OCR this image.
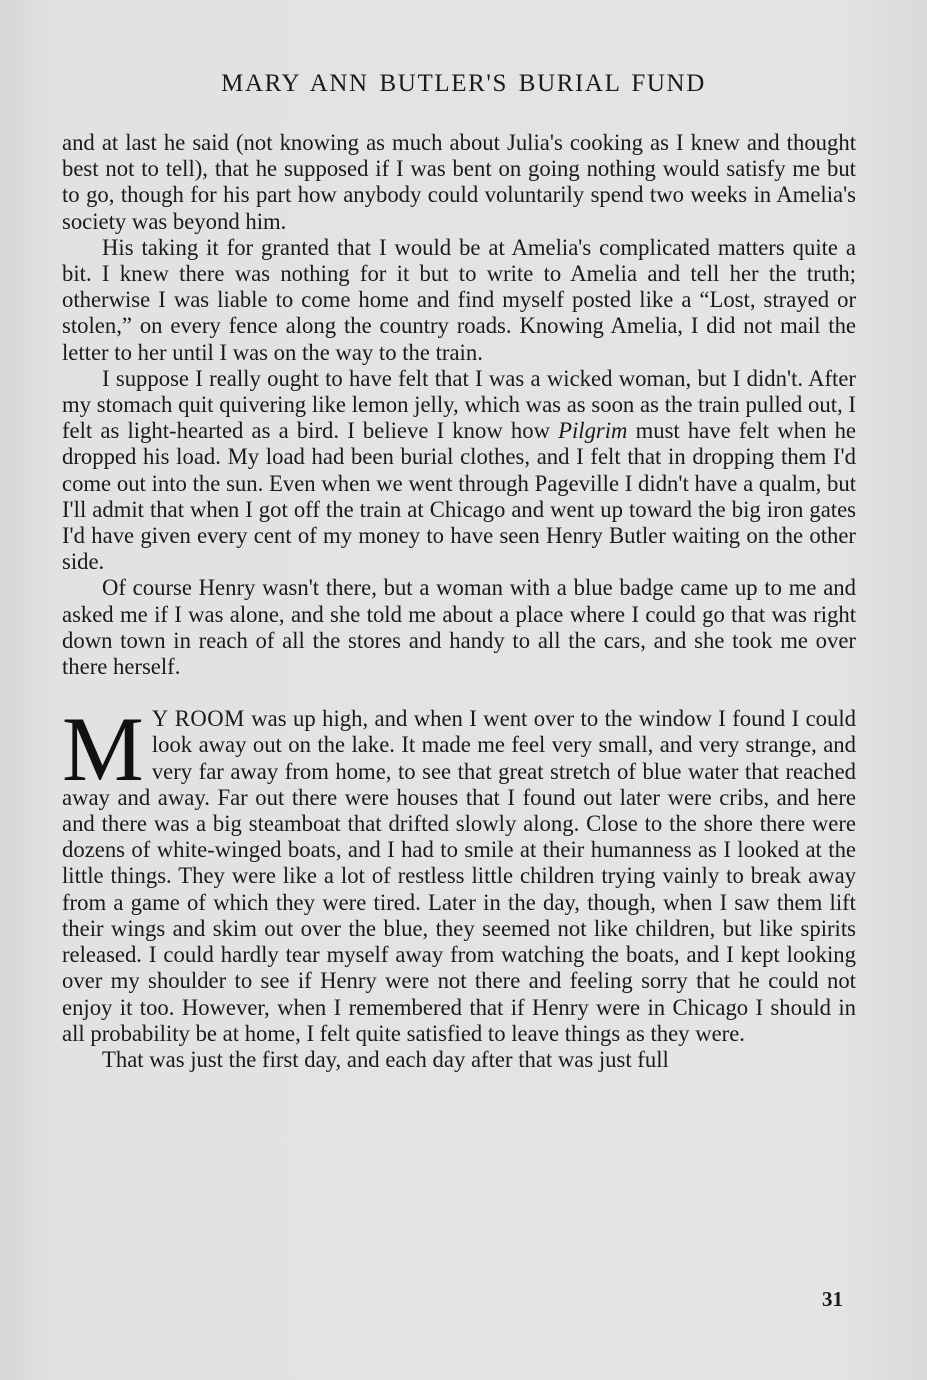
MARY ANN BUTLER'S BURIAL FUND

and at last he said (not knowing as much about Julia's cooking as I knew and thought best not to tell), that he supposed if I was bent on going nothing would satisfy me but to go, though for his part how anybody could voluntarily spend two weeks in Amelia's society was beyond him.

His taking it for granted that I would be at Amelia's complicated matters quite a bit. I knew there was nothing for it but to write to Amelia and tell her the truth; otherwise I was liable to come home and find myself posted like a “Lost, strayed or stolen,” on every fence along the country roads. Knowing Amelia, I did not mail the letter to her until I was on the way to the train.

I suppose I really ought to have felt that I was a wicked woman, but I didn't. After my stomach quit quivering like lemon jelly, which was as soon as the train pulled out, I felt as light-hearted as a bird. I believe I know how Pilgrim must have felt when he dropped his load. My load had been burial clothes, and I felt that in dropping them I'd come out into the sun. Even when we went through Pageville I didn't have a qualm, but I'll admit that when I got off the train at Chicago and went up toward the big iron gates I'd have given every cent of my money to have seen Henry Butler waiting on the other side.

Of course Henry wasn't there, but a woman with a blue badge came up to me and asked me if I was alone, and she told me about a place where I could go that was right down town in reach of all the stores and handy to all the cars, and she took me over there herself.

M Y ROOM was up high, and when I went over to the window I found I could look away out on the lake. It made me feel very small, and very strange, and very far away from home, to see that great stretch of blue water that reached away and away. Far out there were houses that I found out later were cribs, and here and there was a big steamboat that drifted slowly along. Close to the shore there were dozens of white-winged boats, and I had to smile at their humanness as I looked at the little things. They were like a lot of restless little children trying vainly to break away from a game of which they were tired. Later in the day, though, when I saw them lift their wings and skim out over the blue, they seemed not like children, but like spirits released. I could hardly tear myself away from watching the boats, and I kept looking over my shoulder to see if Henry were not there and feeling sorry that he could not enjoy it too. However, when I remembered that if Henry were in Chicago I should in all probability be at home, I felt quite satisfied to leave things as they were.

That was just the first day, and each day after that was just full

31
